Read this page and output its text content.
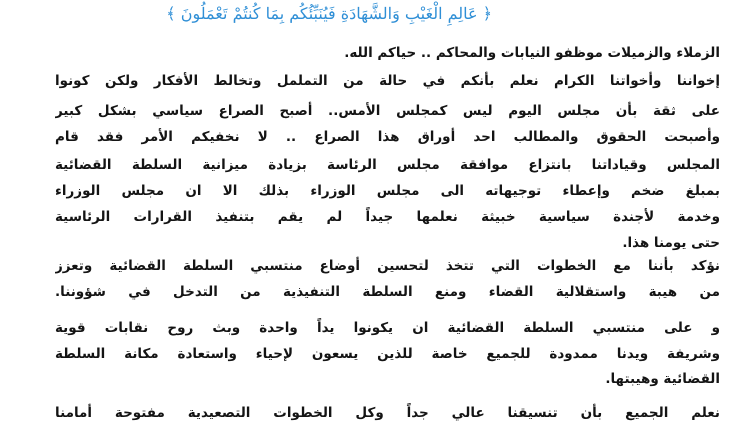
﴿ عَالِمِ الْغَيْبِ وَالشَّهَادَةِ فَيُنَبِّئُكُم بِمَا كُنتُمْ تَعْمَلُونَ ﴾
الزملاء والزميلات موظفو النيابات والمحاكم .. حياكم الله.
إخواننا وأخواتنا الكرام نعلم بأنكم في حالة من التململ وتخالط الأفكار ولكن كونوا
على ثقة بأن مجلس اليوم ليس كمجلس الأمس.. أصبح الصراع سياسي بشكل كبير
وأصبحت الحقوق والمطالب احد أوراق هذا الصراع .. لا نخفيكم الأمر فقد قام
المجلس وقياداتنا بانتزاع موافقة مجلس الرئاسة بزيادة ميزانية السلطة القضائية
بمبلغ ضخم وإعطاء توجيهاته الى مجلس الوزراء بذلك الا ان مجلس الوزراء
وخدمة لأجندة سياسية خبيثة نعلمها جيداً لم يقم بتنفيذ القرارات الرئاسية
حتى يومنا هذا.
نؤكد بأننا مع الخطوات التي تتخذ لتحسين أوضاع منتسبي السلطة القضائية وتعزز
من هيبة واستقلالية القضاء ومنع السلطة التنفيذية من التدخل في شؤوننا.
و على منتسبي السلطة القضائية ان يكونوا يداً واحدة وبث روح نقابات قوية
وشريفة ويدنا ممدودة للجميع خاصة للذين يسعون لإحياء واستعادة مكانة السلطة
القضائية وهيبتها.
نعلم الجميع بأن تنسيقنا عالي جداً وكل الخطوات التصعيدية مفتوحة أمامنا
